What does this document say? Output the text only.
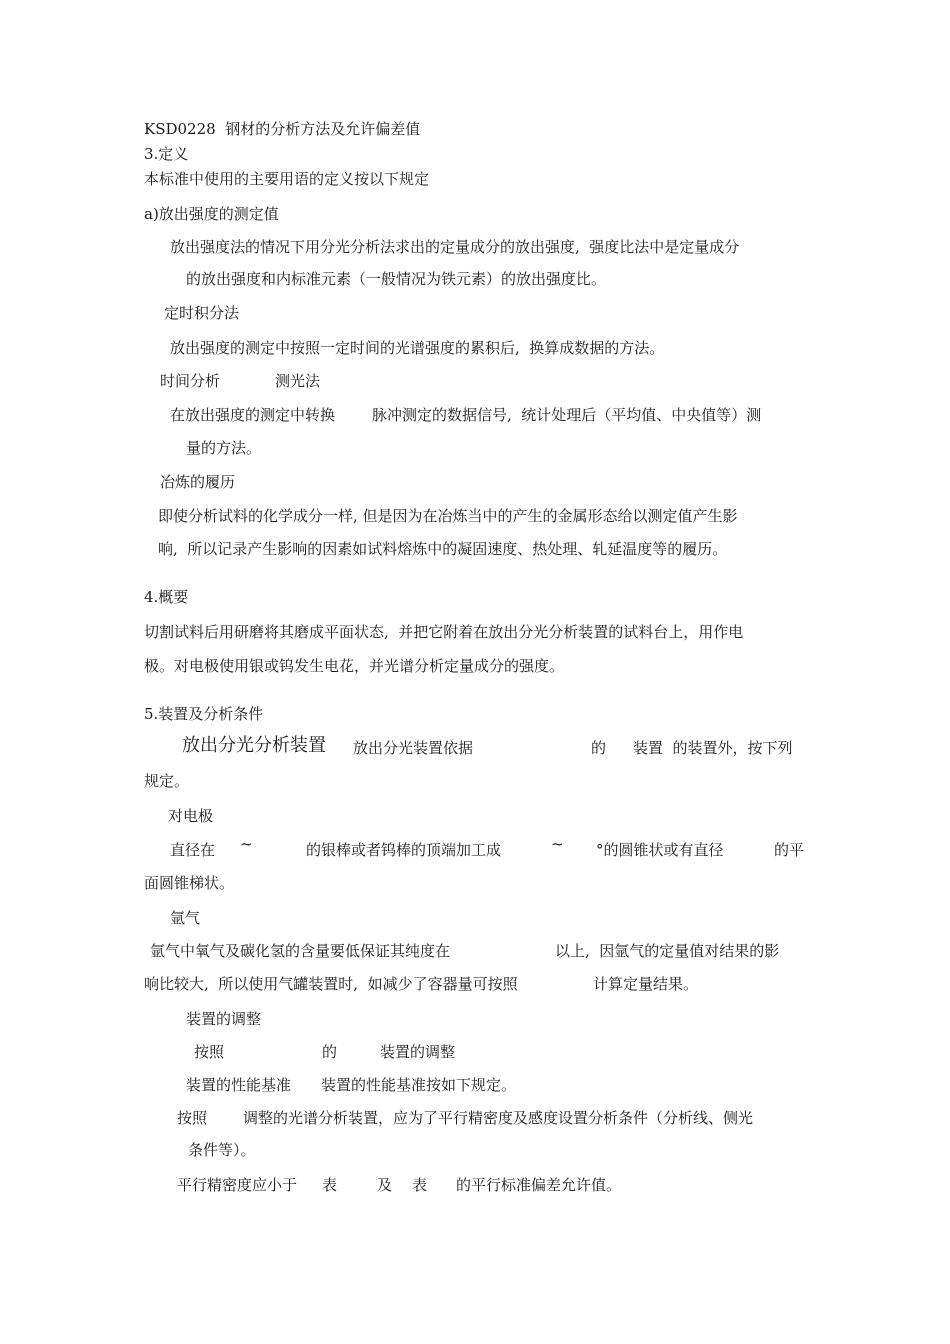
KSD0228  钢材的分析方法及允许偏差值
3.定义
本标准中使用的主要用语的定义按以下规定
a)放出强度的测定值
放出强度法的情况下用分光分析法求出的定量成分的放出强度,  强度比法中是定量成分
的放出强度和内标准元素（一般情况为铁元素）的放出强度比。
定时积分法
放出强度的测定中按照一定时间的光谱强度的累积后,  换算成数据的方法。
时间分析	测光法
在放出强度的测定中转换 脉冲测定的数据信号,  统计处理后（平均值、中央值等）测
量的方法。
冶炼的履历
即使分析试料的化学成分一样, 但是因为在冶炼当中的产生的金属形态给以测定值产生影
响,  所以记录产生影响的因素如试料熔炼中的凝固速度、热处理、轧延温度等的履历。
4.概要
切割试料后用研磨将其磨成平面状态,  并把它附着在放出分光分析装置的试料台上，用作电
极。对电极使用银或钨发生电花，并光谱分析定量成分的强度。
5.装置及分析条件
放出分光分析装置 放出分光装置依据	的 装置  的装置外，按下列
规定。
对电极
直径在 ~	的银棒或者钨棒的顶端加工成	~ °的圆锥状或有直径	的平
面圆锥梯状。
氩气
氩气中氧气及碳化氢的含量要低保证其纯度在	以上,  因氩气的定量值对结果的影
响比较大,  所以使用气罐装置时,  如减少了容器量可按照	计算定量结果。
装置的调整
按照	的	装置的调整
装置的性能基准 装置的性能基准按如下规定。
按照 调整的光谱分析装置，应为了平行精密度及感度设置分析条件（分析线、侧光
条件等）。
平行精密度应小于 表	及 表 的平行标准偏差允许值。
